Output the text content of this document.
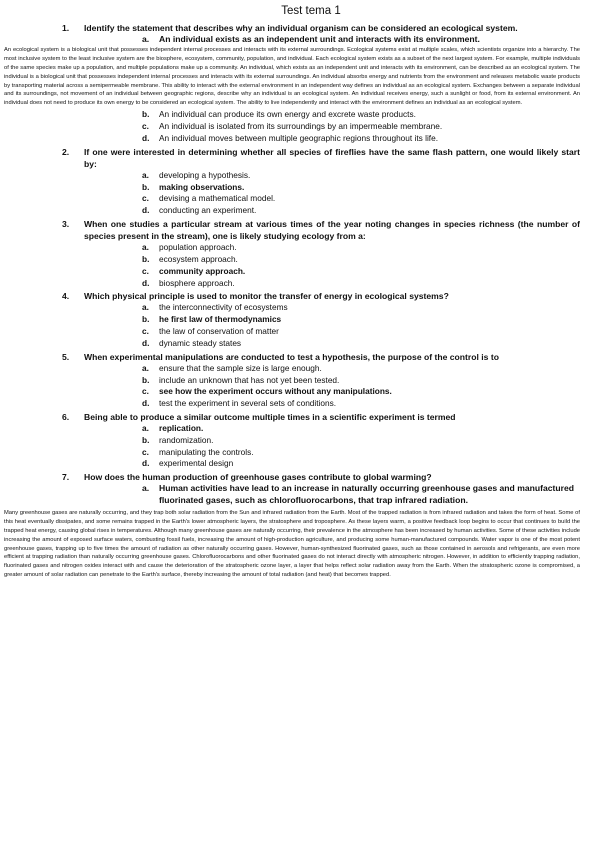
Test tema 1
1.	Identify the statement that describes why an individual organism can be considered an ecological system.
a.	An individual exists as an independent unit and interacts with its environment.

An ecological system is a biological unit that possesses independent internal processes and interacts with its external surroundings. Ecological systems exist at multiple scales, which scientists organize into a hierarchy. The most inclusive system to the least inclusive system are the biosphere, ecosystem, community, population, and individual. Each ecological system exists as a subset of the next largest system. For example, multiple individuals of the same species make up a population, and multiple populations make up a community. An individual, which exists as an independent unit and interacts with its environment, can be described as an ecological system. The individual is a biological unit that possesses independent internal processes and interacts with its external surroundings. An individual absorbs energy and nutrients from the environment and releases metabolic waste products by transporting material across a semipermeable membrane. This ability to interact with the external environment in an independent way defines an individual as an ecological system. Exchanges between a separate individual and its surroundings, not movement of an individual between geographic regions, describe why an individual is an ecological system. An individual receives energy, such a sunlight or food, from its external environment. An individual does not need to produce its own energy to be considered an ecological system. The ability to live independently and interact with the environment defines an individual as an ecological system.

b.	An individual can produce its own energy and excrete waste products.
c.	An individual is isolated from its surroundings by an impermeable membrane.
d.	An individual moves between multiple geographic regions throughout its life.
2.	If one were interested in determining whether all species of fireflies have the same flash pattern, one would likely start by:
a.	developing a hypothesis.
b.	making observations.
c.	devising a mathematical model.
d.	conducting an experiment.
3.	When one studies a particular stream at various times of the year noting changes in species richness (the number of species present in the stream), one is likely studying ecology from a:
a.	population approach.
b.	ecosystem approach.
c.	community approach.
d.	biosphere approach.
4.	Which physical principle is used to monitor the transfer of energy in ecological systems?
a.	the interconnectivity of ecosystems
b.	he first law of thermodynamics
c.	the law of conservation of matter
d.	dynamic steady states
5.	When experimental manipulations are conducted to test a hypothesis, the purpose of the control is to
a.	ensure that the sample size is large enough.
b.	include an unknown that has not yet been tested.
c.	see how the experiment occurs without any manipulations.
d.	test the experiment in several sets of conditions.
6.	Being able to produce a similar outcome multiple times in a scientific experiment is termed
a.	replication.
b.	randomization.
c.	manipulating the controls.
d.	experimental design
7.	How does the human production of greenhouse gases contribute to global warming?
a.	Human activities have lead to an increase in naturally occurring greenhouse gases and manufactured fluorinated gases, such as chlorofluorocarbons, that trap infrared radiation.

Many greenhouse gases are naturally occurring, and they trap both solar radiation from the Sun and infrared radiation from the Earth. Most of the trapped radiation is from infrared radiation and takes the form of heat. Some of this heat eventually dissipates, and some remains trapped in the Earth's lower atmospheric layers, the stratosphere and troposphere. As these layers warm, a positive feedback loop begins to occur that continues to build the trapped heat energy, causing global rises in temperatures. Although many greenhouse gases are naturally occurring, their prevalence in the atmosphere has been increased by human activities. Some of these activities include increasing the amount of exposed surface waters, combusting fossil fuels, increasing the amount of high-production agriculture, and producing some human-manufactured compounds. Water vapor is one of the most potent greenhouse gases, trapping up to five times the amount of radiation as other naturally occurring gases. However, human-synthesized fluorinated gases, such as those contained in aerosols and refrigerants, are even more efficient at trapping radiation than naturally occurring greenhouse gases. Chlorofluorocarbons and other fluorinated gases do not interact directly with atmospheric nitrogen. However, in addition to efficiently trapping radiation, fluorinated gases and nitrogen oxides interact with and cause the deterioration of the stratospheric ozone layer, a layer that helps reflect solar radiation away from the Earth. When the stratospheric ozone is compromised, a greater amount of solar radiation can penetrate to the Earth's surface, thereby increasing the amount of total radiation (and heat) that becomes trapped.
